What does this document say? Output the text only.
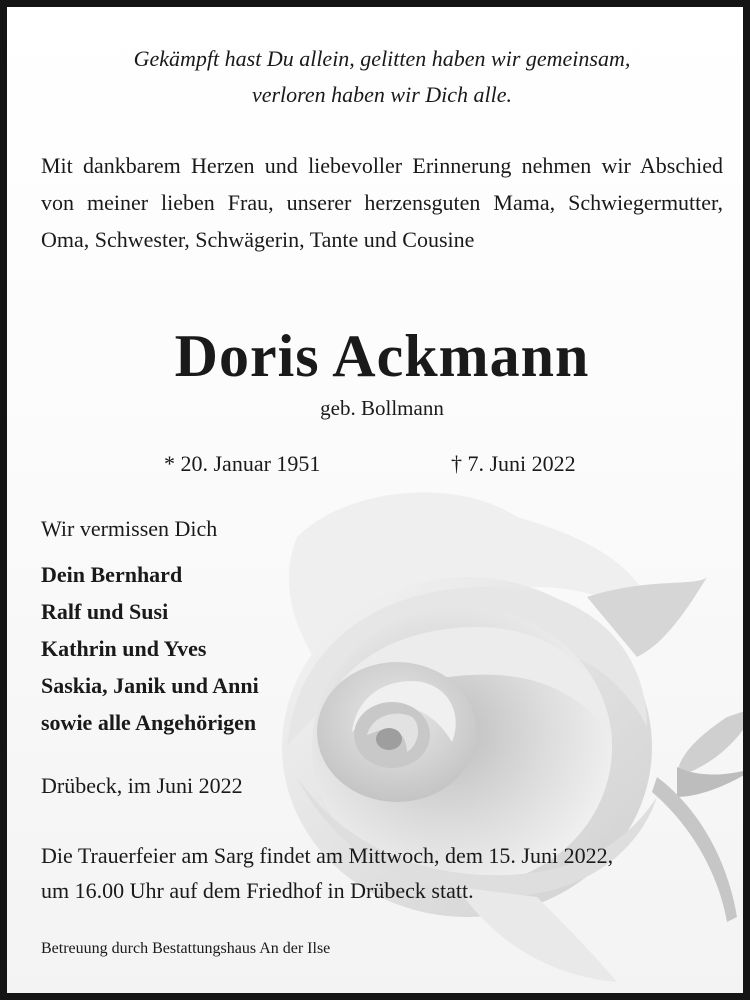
Gekämpft hast Du allein, gelitten haben wir gemeinsam,
verloren haben wir Dich alle.
Mit dankbarem Herzen und liebevoller Erinnerung nehmen wir Abschied von meiner lieben Frau, unserer herzensguten Mama, Schwiegermutter, Oma, Schwester, Schwägerin, Tante und Cousine
Doris Ackmann
geb. Bollmann
* 20. Januar 1951	† 7. Juni 2022
Wir vermissen Dich
Dein Bernhard
Ralf und Susi
Kathrin und Yves
Saskia, Janik und Anni
sowie alle Angehörigen
Drübeck, im Juni 2022
Die Trauerfeier am Sarg findet am Mittwoch, dem 15. Juni 2022,
um 16.00 Uhr auf dem Friedhof in Drübeck statt.
Betreuung durch Bestattungshaus An der Ilse
